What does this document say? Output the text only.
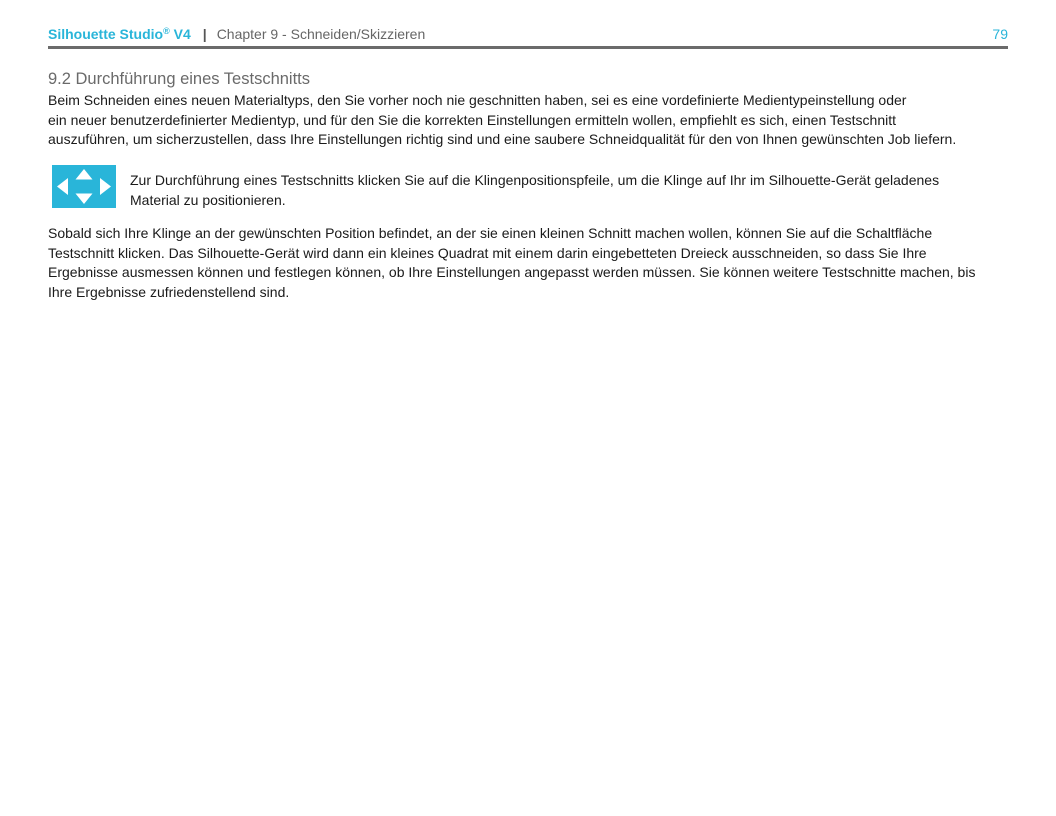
Silhouette Studio® V4 | Chapter 9 - Schneiden/Skizzieren	79
9.2 Durchführung eines Testschnitts

Beim Schneiden eines neuen Materialtyps, den Sie vorher noch nie geschnitten haben, sei es eine vordefinierte Medientypeinstellung oder
ein neuer benutzerdefinierter Medientyp, und für den Sie die korrekten Einstellungen ermitteln wollen, empfiehlt es sich, einen Testschnitt
auszuführen, um sicherzustellen, dass Ihre Einstellungen richtig sind und eine saubere Schneidqualität für den von Ihnen gewünschten Job liefern.

Zur Durchführung eines Testschnitts klicken Sie auf die Klingenpositionspfeile, um die Klinge auf Ihr im Silhouette-Gerät geladenes
Material zu positionieren.

Sobald sich Ihre Klinge an der gewünschten Position befindet, an der sie einen kleinen Schnitt machen wollen, können Sie auf die Schaltfläche
Testschnitt klicken. Das Silhouette-Gerät wird dann ein kleines Quadrat mit einem darin eingebetteten Dreieck ausschneiden, so dass Sie Ihre
Ergebnisse ausmessen können und festlegen können, ob Ihre Einstellungen angepasst werden müssen. Sie können weitere Testschnitte machen, bis
Ihre Ergebnisse zufriedenstellend sind.
